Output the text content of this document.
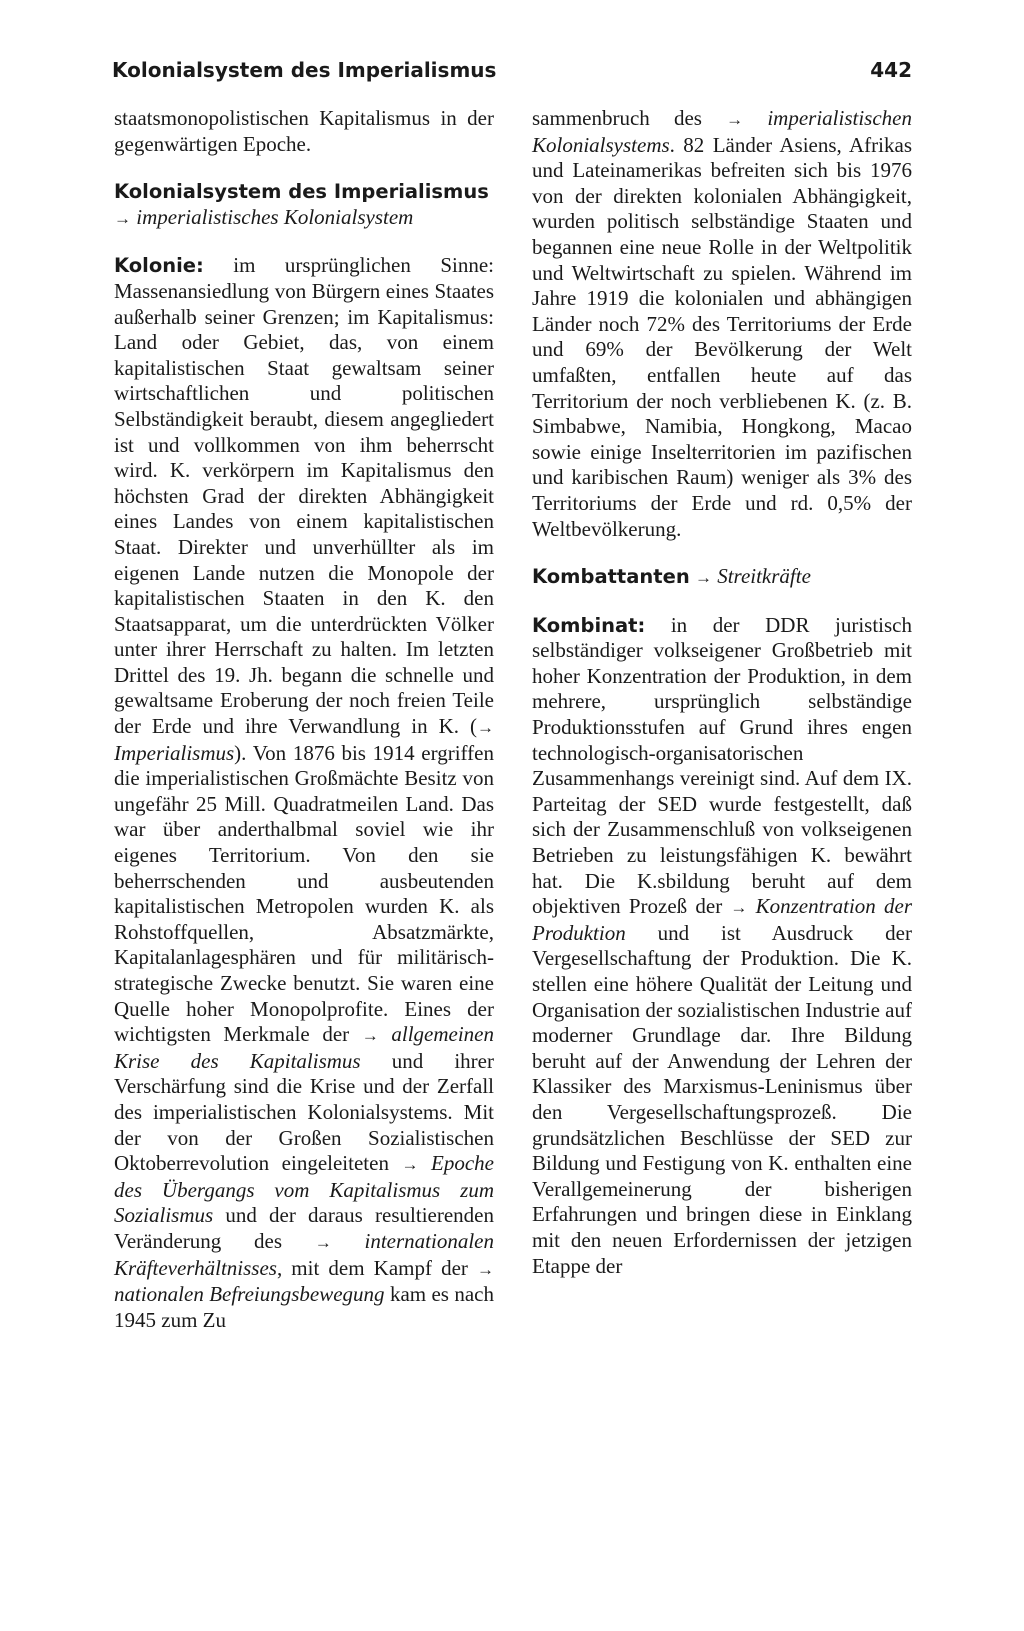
Kolonialsystem des Imperialismus	442

staatsmonopolistischen Kapitalismus in der gegenwärtigen Epoche.

Kolonialsystem des Imperialismus
→ imperialistisches Kolonialsystem

Kolonie: im ursprünglichen Sinne: Massenansiedlung von Bürgern eines Staates außerhalb seiner Grenzen; im Kapitalismus: Land oder Gebiet, das, von einem kapitalistischen Staat gewaltsam seiner wirtschaftlichen und politischen Selbständigkeit beraubt, diesem angegliedert ist und vollkommen von ihm beherrscht wird. K. verkörpern im Kapitalismus den höchsten Grad der direkten Abhängigkeit eines Landes von einem kapitalistischen Staat. Direkter und unverhüllter als im eigenen Lande nutzen die Monopole der kapitalistischen Staaten in den K. den Staatsapparat, um die unterdrückten Völker unter ihrer Herrschaft zu halten. Im letzten Drittel des 19. Jh. begann die schnelle und gewaltsame Eroberung der noch freien Teile der Erde und ihre Verwandlung in K. (→ Imperialismus). Von 1876 bis 1914 ergriffen die imperialistischen Großmächte Besitz von ungefähr 25 Mill. Quadratmeilen Land. Das war über anderthalbmal soviel wie ihr eigenes Territorium. Von den sie beherrschenden und ausbeutenden kapitalistischen Metropolen wurden K. als Rohstoffquellen, Absatzmärkte, Kapitalanlagesphären und für militärisch-strategische Zwecke benutzt. Sie waren eine Quelle hoher Monopolprofite. Eines der wichtigsten Merkmale der → allgemeinen Krise des Kapitalismus und ihrer Verschärfung sind die Krise und der Zerfall des imperialistischen Kolonialsystems. Mit der von der Großen Sozialistischen Oktoberrevolution eingeleiteten → Epoche des Übergangs vom Kapitalismus zum Sozialismus und der daraus resultierenden Veränderung des → internationalen Kräfteverhältnisses, mit dem Kampf der → nationalen Befreiungsbewegung kam es nach 1945 zum Zu

sammenbruch des → imperialistischen Kolonialsystems. 82 Länder Asiens, Afrikas und Lateinamerikas befreiten sich bis 1976 von der direkten kolonialen Abhängigkeit, wurden politisch selbständige Staaten und begannen eine neue Rolle in der Weltpolitik und Weltwirtschaft zu spielen. Während im Jahre 1919 die kolonialen und abhängigen Länder noch 72% des Territoriums der Erde und 69% der Bevölkerung der Welt umfaßten, entfallen heute auf das Territorium der noch verbliebenen K. (z. B. Simbabwe, Namibia, Hongkong, Macao sowie einige Inselterritorien im pazifischen und karibischen Raum) weniger als 3% des Territoriums der Erde und rd. 0,5% der Weltbevölkerung.

Kombattanten → Streitkräfte

Kombinat: in der DDR juristisch selbständiger volkseigener Großbetrieb mit hoher Konzentration der Produktion, in dem mehrere, ursprünglich selbständige Produktionsstufen auf Grund ihres engen technologisch-organisatorischen Zusammenhangs vereinigt sind. Auf dem IX. Parteitag der SED wurde festgestellt, daß sich der Zusammenschluß von volkseigenen Betrieben zu leistungsfähigen K. bewährt hat. Die K.sbildung beruht auf dem objektiven Prozeß der → Konzentration der Produktion und ist Ausdruck der Vergesellschaftung der Produktion. Die K. stellen eine höhere Qualität der Leitung und Organisation der sozialistischen Industrie auf moderner Grundlage dar. Ihre Bildung beruht auf der Anwendung der Lehren der Klassiker des Marxismus-Leninismus über den Vergesellschaftungsprozeß. Die grundsätzlichen Beschlüsse der SED zur Bildung und Festigung von K. enthalten eine Verallgemeinerung der bisherigen Erfahrungen und bringen diese in Einklang mit den neuen Erfordernissen der jetzigen Etappe der
